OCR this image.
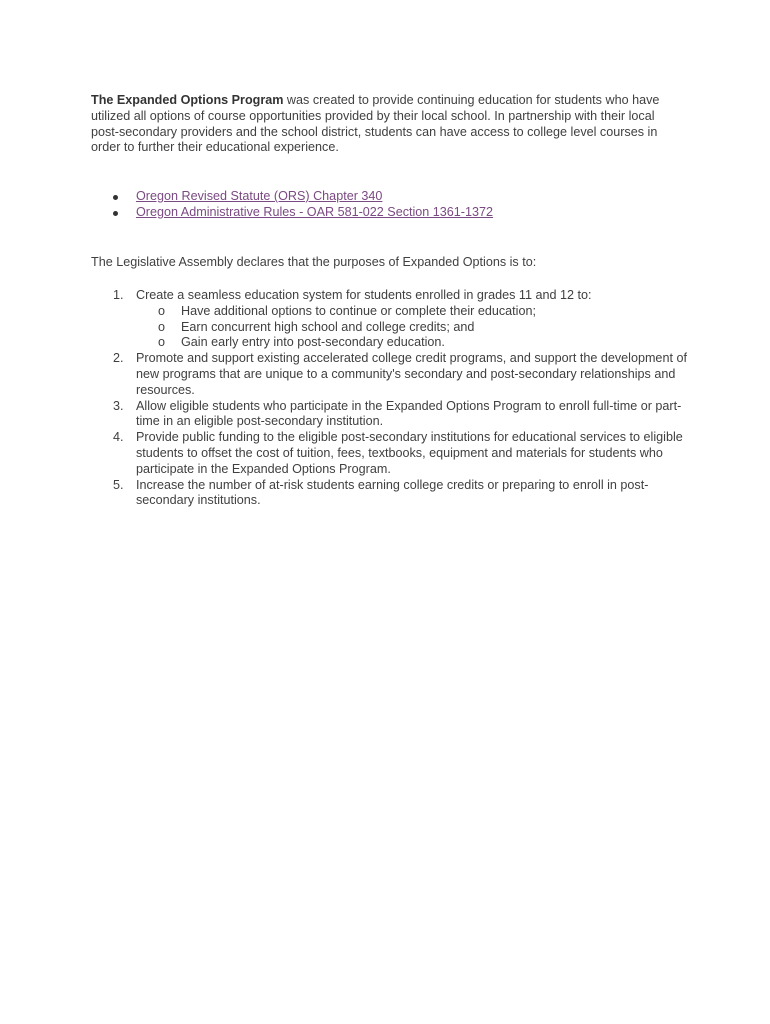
The Expanded Options Program was created to provide continuing education for students who have utilized all options of course opportunities provided by their local school. In partnership with their local post-secondary providers and the school district, students can have access to college level courses in order to further their educational experience.

Oregon Revised Statute (ORS) Chapter 340
Oregon Administrative Rules - OAR 581-022 Section 1361-1372

The Legislative Assembly declares that the purposes of Expanded Options is to:

1. Create a seamless education system for students enrolled in grades 11 and 12 to:
o Have additional options to continue or complete their education;
o Earn concurrent high school and college credits; and
o Gain early entry into post-secondary education.
2. Promote and support existing accelerated college credit programs, and support the development of new programs that are unique to a community's secondary and post-secondary relationships and resources.
3. Allow eligible students who participate in the Expanded Options Program to enroll full-time or part-time in an eligible post-secondary institution.
4. Provide public funding to the eligible post-secondary institutions for educational services to eligible students to offset the cost of tuition, fees, textbooks, equipment and materials for students who participate in the Expanded Options Program.
5. Increase the number of at-risk students earning college credits or preparing to enroll in post-secondary institutions.
